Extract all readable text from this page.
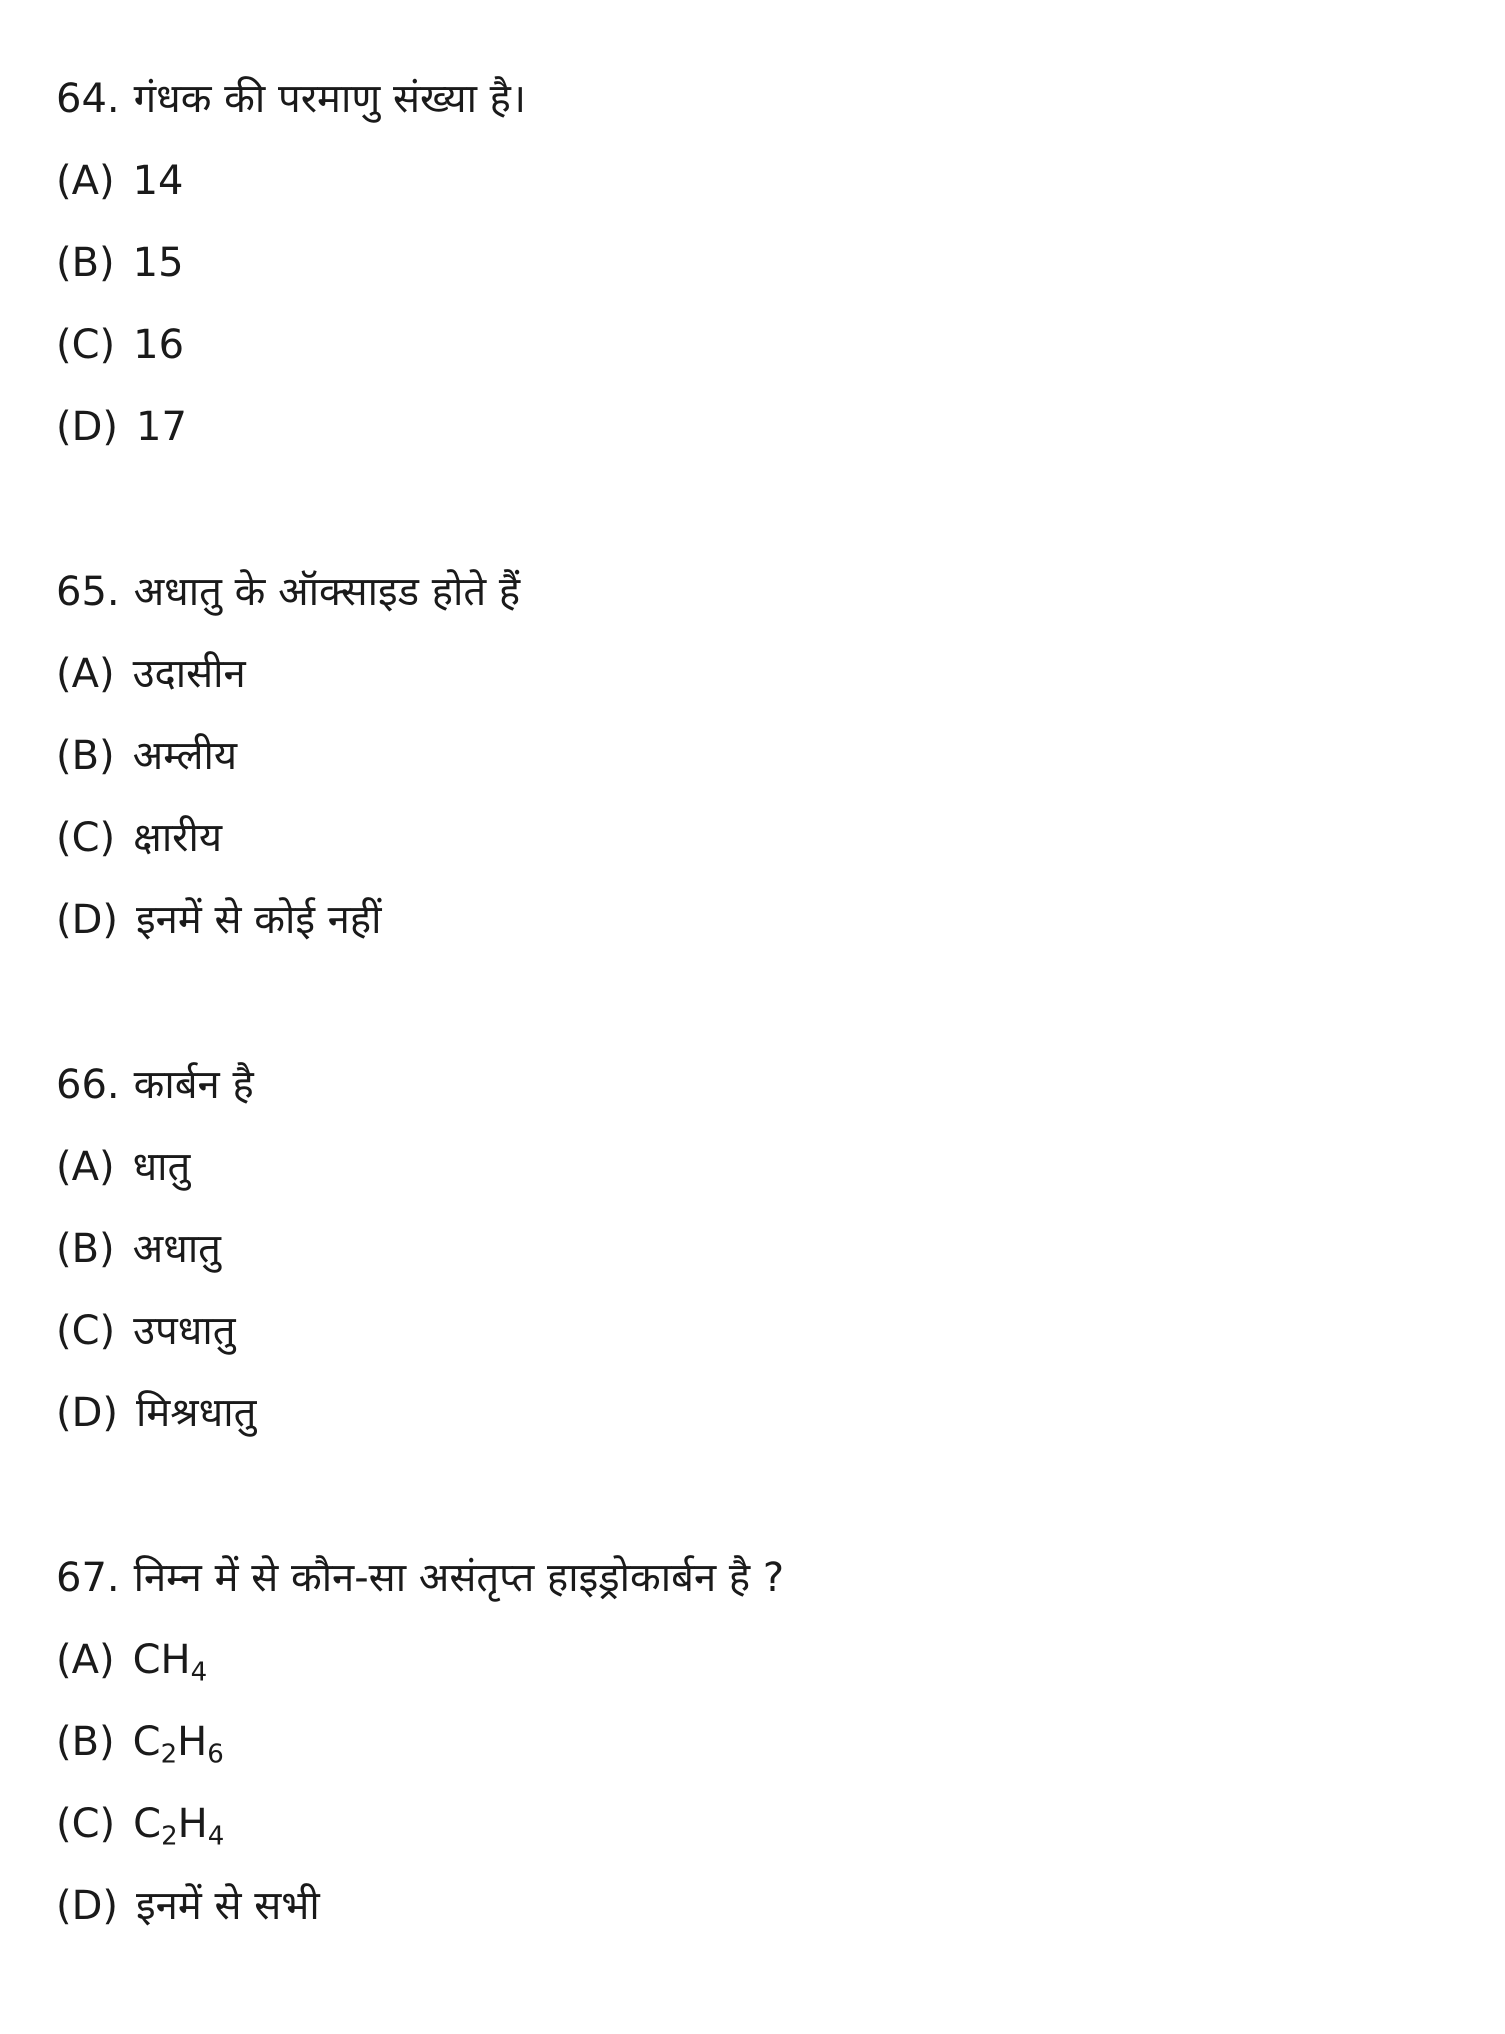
64. गंधक की परमाणु संख्या है।
(A) 14
(B) 15
(C) 16
(D) 17
65. अधातु के ऑक्साइड होते हैं
(A) उदासीन
(B) अम्लीय
(C) क्षारीय
(D) इनमें से कोई नहीं
66. कार्बन है
(A) धातु
(B) अधातु
(C) उपधातु
(D) मिश्रधातु
67. निम्न में से कौन-सा असंतृप्त हाइड्रोकार्बन है ?
(A) $CH_4$
(B) $C_2H_6$
(C) $C_2H_4$
(D) इनमें से सभी
